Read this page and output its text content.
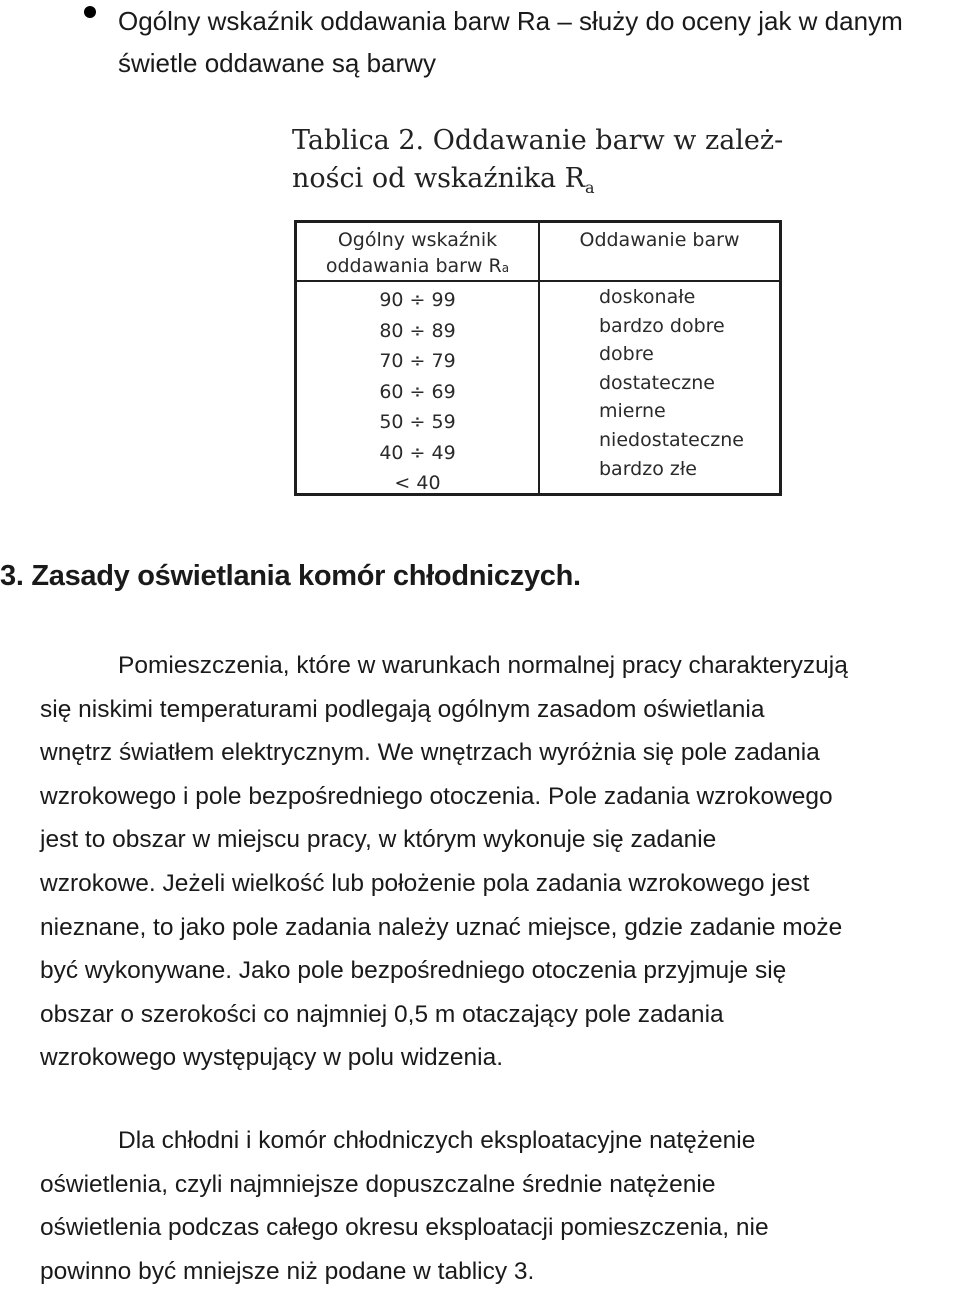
Ogólny wskaźnik oddawania barw Ra – służy do oceny jak w danym
świetle oddawane są barwy

Tablica 2. Oddawanie barw w zależ-
ności od wskaźnika $R_a$

Ogólny wskaźnik
oddawania barw Ra
Oddawanie barw
90 ÷ 99
80 ÷ 89
70 ÷ 79
60 ÷ 69
50 ÷ 59
40 ÷ 49
< 40
doskonałe
bardzo dobre
dobre
dostateczne
mierne
niedostateczne
bardzo złe
3. Zasady oświetlania komór chłodniczych.

Pomieszczenia, które w warunkach normalnej pracy charakteryzują
się niskimi temperaturami podlegają ogólnym zasadom oświetlania
wnętrz światłem elektrycznym. We wnętrzach wyróżnia się pole zadania
wzrokowego i pole bezpośredniego otoczenia. Pole zadania wzrokowego
jest to obszar w miejscu pracy, w którym wykonuje się zadanie
wzrokowe. Jeżeli wielkość lub położenie pola zadania wzrokowego jest
nieznane, to jako pole zadania należy uznać miejsce, gdzie zadanie może
być wykonywane. Jako pole bezpośredniego otoczenia przyjmuje się
obszar o szerokości co najmniej 0,5 m otaczający pole zadania
wzrokowego występujący w polu widzenia.

Dla chłodni i komór chłodniczych eksploatacyjne natężenie
oświetlenia, czyli najmniejsze dopuszczalne średnie natężenie
oświetlenia podczas całego okresu eksploatacji pomieszczenia, nie
powinno być mniejsze niż podane w tablicy 3.
